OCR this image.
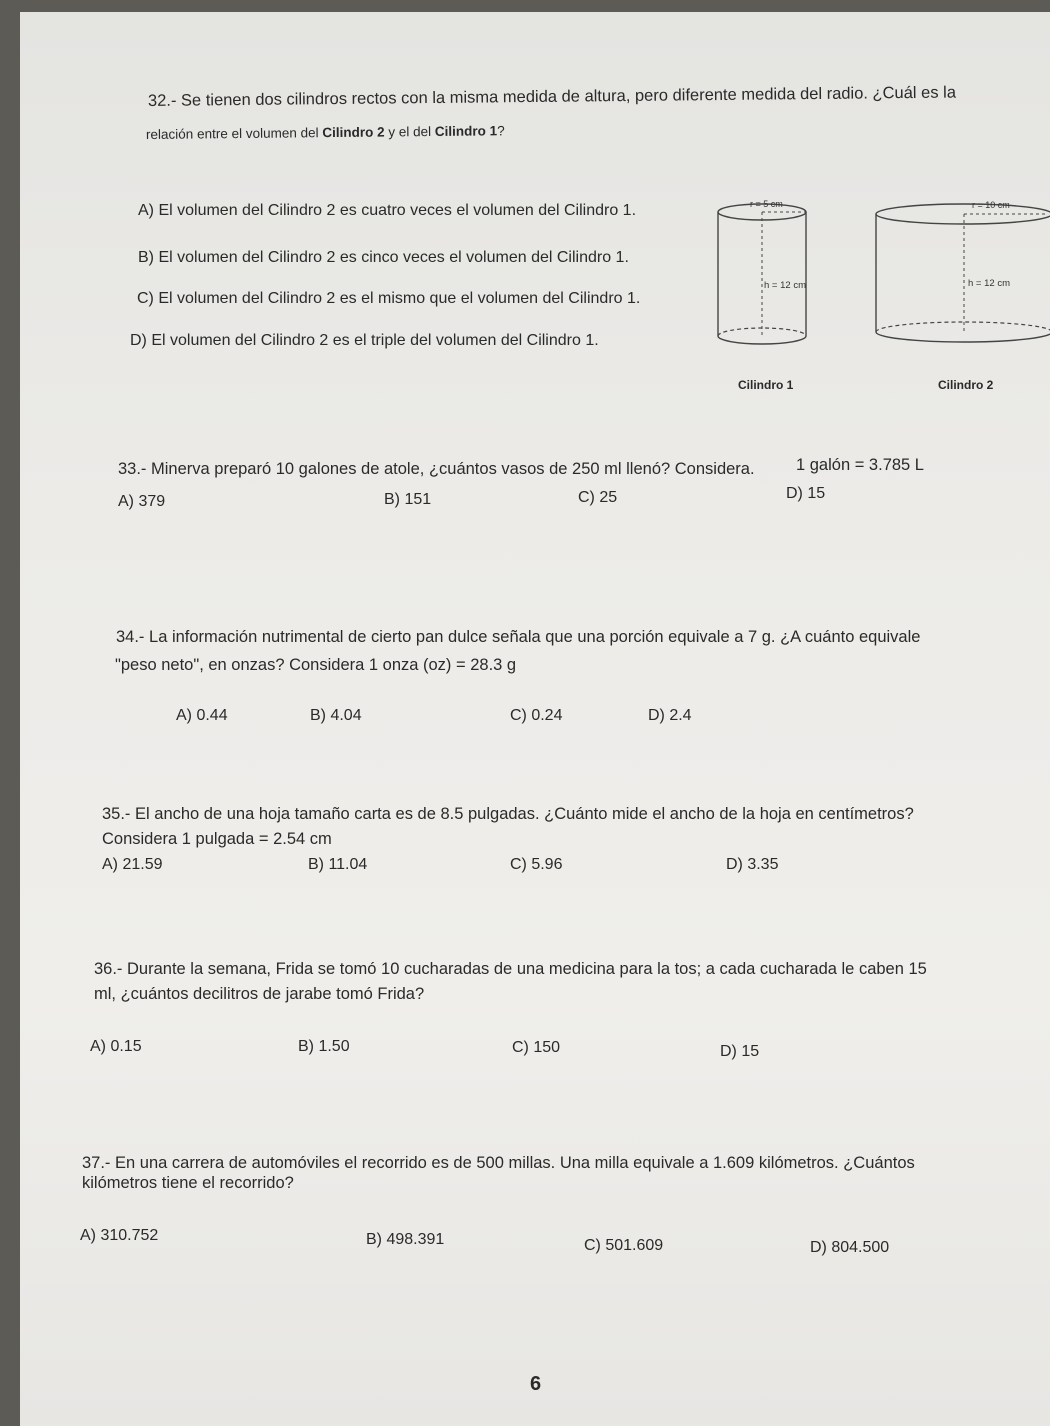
32.- Se tienen dos cilindros rectos con la misma medida de altura, pero diferente medida del radio. ¿Cuál es la
relación entre el volumen del Cilindro 2 y el del Cilindro 1?
A) El volumen del Cilindro 2 es cuatro veces el volumen del Cilindro 1.
B) El volumen del Cilindro 2 es cinco veces el volumen del Cilindro 1.
C) El volumen del Cilindro 2 es el mismo que el volumen del Cilindro 1.
D) El volumen del Cilindro 2 es el triple del volumen del Cilindro 1.
r = 5 cm
h = 12 cm
Cilindro 1
r = 10 cm
h = 12 cm
Cilindro 2
33.- Minerva preparó 10 galones de atole, ¿cuántos vasos de 250 ml llenó? Considera.	1 galón = 3.785 L
A) 379	B) 151	C) 25	D) 15
34.- La información nutrimental de cierto pan dulce señala que una porción equivale a 7 g. ¿A cuánto equivale
"peso neto", en onzas? Considera 1 onza (oz) = 28.3 g
A) 0.44	B) 4.04	C) 0.24	D) 2.4
35.- El ancho de una hoja tamaño carta es de 8.5 pulgadas. ¿Cuánto mide el ancho de la hoja en centímetros?
Considera 1 pulgada = 2.54 cm
A) 21.59	B) 11.04	C) 5.96	D) 3.35
36.- Durante la semana, Frida se tomó 10 cucharadas de una medicina para la tos; a cada cucharada le caben 15
ml, ¿cuántos decilitros de jarabe tomó Frida?
A) 0.15	B) 1.50	C) 150	D) 15
37.- En una carrera de automóviles el recorrido es de 500 millas. Una milla equivale a 1.609 kilómetros. ¿Cuántos
kilómetros tiene el recorrido?
A) 310.752	B) 498.391	C) 501.609	D) 804.500
6
